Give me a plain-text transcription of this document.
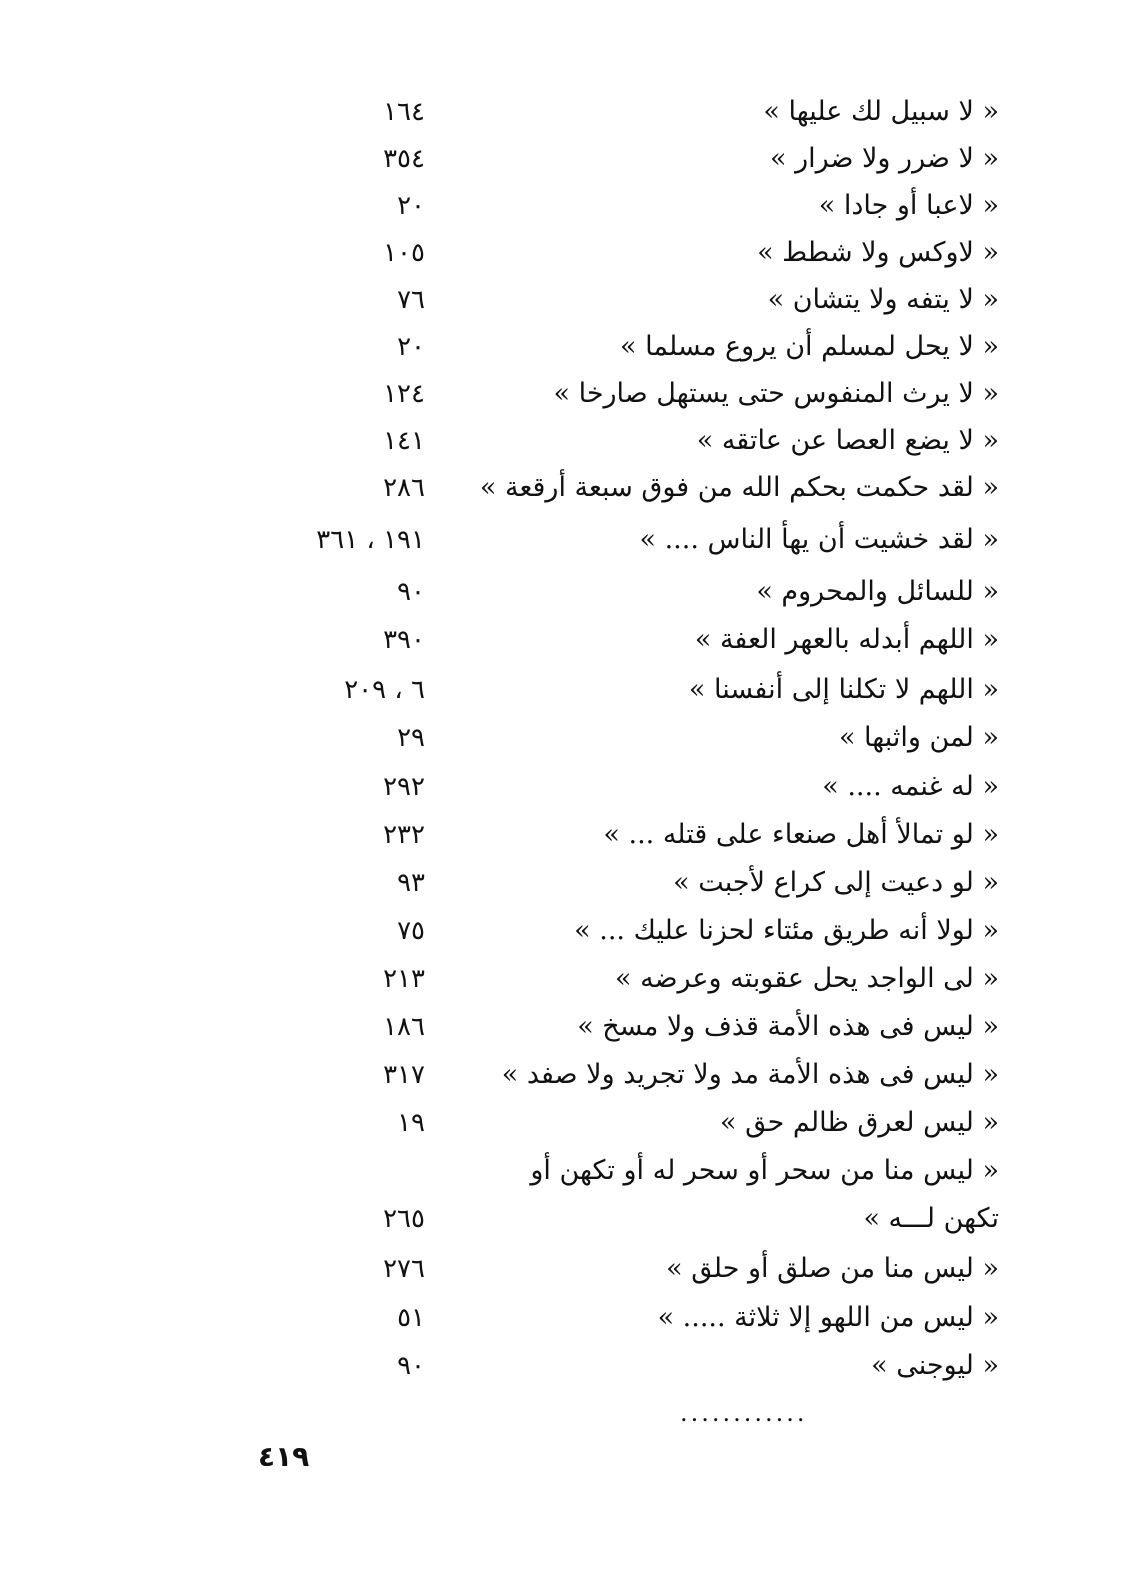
« لا سبيل لك عليها »
١٦٤
« لا ضرر ولا ضرار »
٣٥٤
« لاعبا أو جادا »
٢٠
« لاوكس ولا شطط »
١٠٥
« لا يتفه ولا يتشان »
٧٦
« لا يحل لمسلم أن يروع مسلما »
٢٠
« لا يرث المنفوس حتى يستهل صارخا »
١٢٤
« لا يضع العصا عن عاتقه »
١٤١
« لقد حكمت بحكم الله من فوق سبعة أرقعة »
٢٨٦
« لقد خشيت أن يهأ الناس .... »
١٩١ ، ٣٦١
« للسائل والمحروم »
٩٠
« اللهم أبدله بالعهر العفة »
٣٩٠
« اللهم لا تكلنا إلى أنفسنا »
٦ ، ٢٠٩
« لمن واثبها »
٢٩
« له غنمه .... »
٢٩٢
« لو تمالأ أهل صنعاء على قتله ... »
٢٣٢
« لو دعيت إلى كراع لأجبت »
٩٣
« لولا أنه طريق مئتاء لحزنا عليك ... »
٧٥
« لى الواجد يحل عقوبته وعرضه »
٢١٣
« ليس فى هذه الأمة قذف ولا مسخ »
١٨٦
« ليس فى هذه الأمة مد ولا تجريد ولا صفد »
٣١٧
« ليس لعرق ظالم حق »
١٩
« ليس منا من سحر أو سحر له أو تكهن أو تكهن لـــه »
٢٦٥
« ليس منا من صلق أو حلق »
٢٧٦
« ليس من اللهو إلا ثلاثة ..... »
٥١
« ليوجنى »
٩٠
............
٤١٩
